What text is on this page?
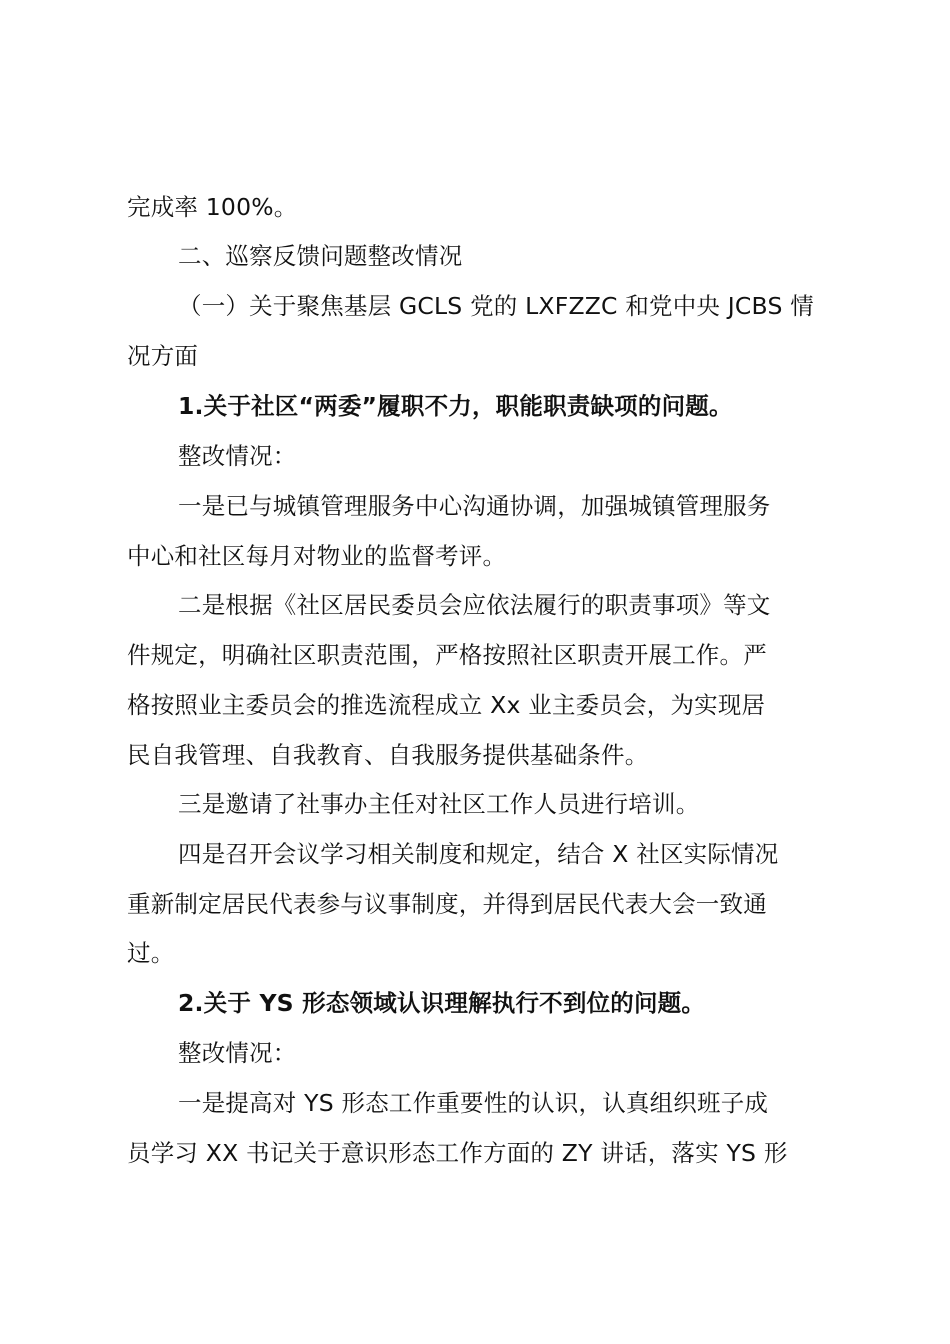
完成率 100%。
二、巡察反馈问题整改情况
（一）关于聚焦基层 GCLS 党的 LXFZZC 和党中央 JCBS 情
况方面
1.关于社区“两委”履职不力，职能职责缺项的问题。
整改情况：
一是已与城镇管理服务中心沟通协调，加强城镇管理服务
中心和社区每月对物业的监督考评。
二是根据《社区居民委员会应依法履行的职责事项》等文
件规定，明确社区职责范围，严格按照社区职责开展工作。严
格按照业主委员会的推选流程成立 Xx 业主委员会，为实现居
民自我管理、自我教育、自我服务提供基础条件。
三是邀请了社事办主任对社区工作人员进行培训。
四是召开会议学习相关制度和规定，结合 X 社区实际情况
重新制定居民代表参与议事制度，并得到居民代表大会一致通
过。
2.关于 YS 形态领域认识理解执行不到位的问题。
整改情况：
一是提高对 YS 形态工作重要性的认识，认真组织班子成
员学习 XX 书记关于意识形态工作方面的 ZY 讲话，落实 YS 形
